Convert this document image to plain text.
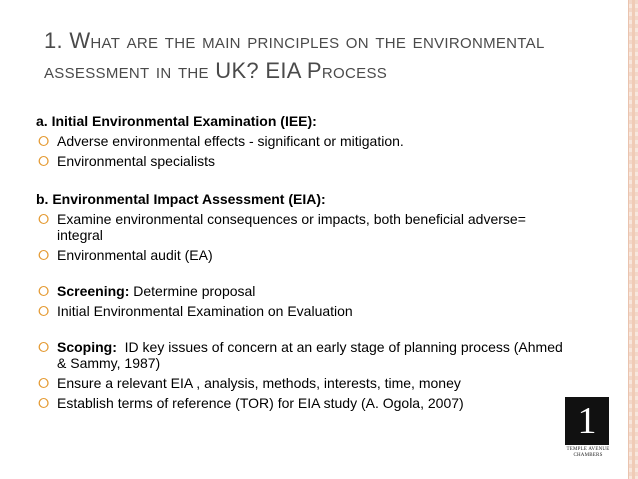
1. What are the main principles on the environmental assessment in the UK? EIA Process

a. Initial Environmental Examination (IEE):

⭘ Adverse environmental effects - significant or mitigation.

⭘ Environmental specialists

b. Environmental Impact Assessment (EIA):

⭘ Examine environmental consequences or impacts, both beneficial adverse= integral

⭘ Environmental audit (EA)

⭘ Screening: Determine proposal

⭘ Initial Environmental Examination on Evaluation

⭘ Scoping:  ID key issues of concern at an early stage of planning process (Ahmed & Sammy, 1987)

⭘ Ensure a relevant EIA , analysis, methods, interests, time, money

⭘ Establish terms of reference (TOR) for EIA study (A. Ogola, 2007)	1
TEMPLE AVENUE
CHAMBERS
